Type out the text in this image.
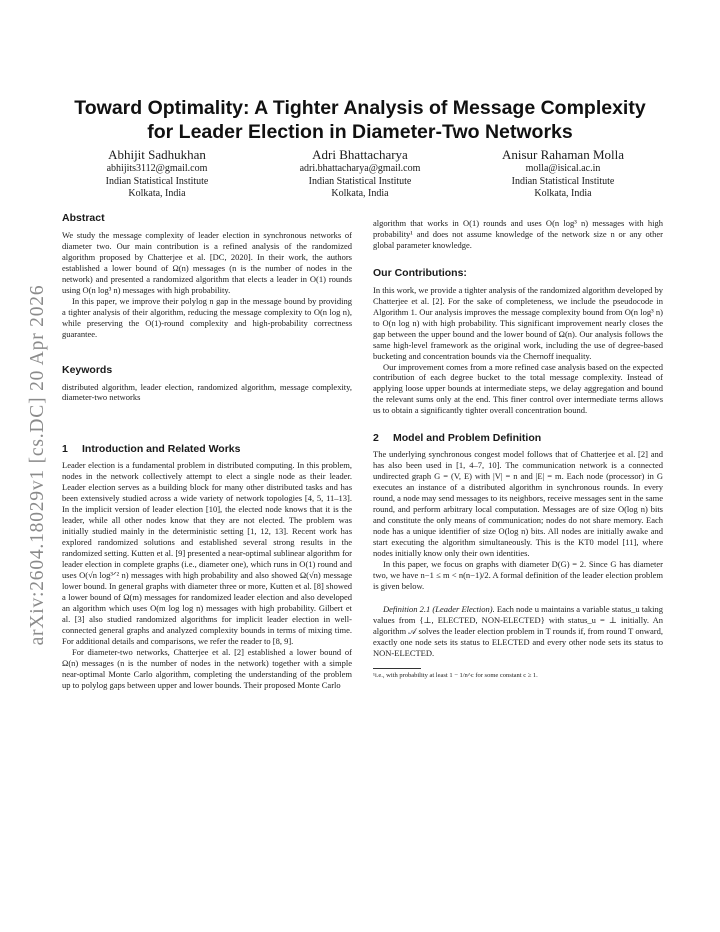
arXiv:2604.18029v1 [cs.DC] 20 Apr 2026
Toward Optimality: A Tighter Analysis of Message Complexity for Leader Election in Diameter-Two Networks
Abhijit Sadhukhan
abhijits3112@gmail.com
Indian Statistical Institute
Kolkata, India
Adri Bhattacharya
adri.bhattacharya@gmail.com
Indian Statistical Institute
Kolkata, India
Anisur Rahaman Molla
molla@isical.ac.in
Indian Statistical Institute
Kolkata, India
Abstract

We study the message complexity of leader election in synchronous networks of diameter two. Our main contribution is a refined analysis of the randomized algorithm proposed by Chatterjee et al. [DC, 2020]. In their work, the authors established a lower bound of Ω(n) messages (n is the number of nodes in the network) and presented a randomized algorithm that elects a leader in O(1) rounds using O(n log³ n) messages with high probability.

In this paper, we improve their polylog n gap in the message bound by providing a tighter analysis of their algorithm, reducing the message complexity to O(n log n), while preserving the O(1)-round complexity and high-probability correctness guarantee.

Keywords

distributed algorithm, leader election, randomized algorithm, message complexity, diameter-two networks

1	Introduction and Related Works

Leader election is a fundamental problem in distributed computing. In this problem, nodes in the network collectively attempt to elect a single node as their leader. Leader election serves as a building block for many other distributed tasks and has been extensively studied across a wide variety of network topologies [4, 5, 11–13]. In the implicit version of leader election [10], the elected node knows that it is the leader, while all other nodes know that they are not elected. The problem was initially studied mainly in the deterministic setting [1, 12, 13]. Recent work has explored randomized solutions and established several strong results in the randomized setting. Kutten et al. [9] presented a near-optimal sublinear algorithm for leader election in complete graphs (i.e., diameter one), which runs in O(1) round and uses O(√n log³ᐟ² n) messages with high probability and also showed Ω(√n) message lower bound. In general graphs with diameter three or more, Kutten et al. [8] showed a lower bound of Ω(m) messages for randomized leader election and also developed an algorithm which uses O(m log log n) messages with high probability. Gilbert et al. [3] also studied randomized algorithms for implicit leader election in well-connected general graphs and analyzed complexity bounds in terms of mixing time. For additional details and comparisons, we refer the reader to [8, 9].

For diameter-two networks, Chatterjee et al. [2] established a lower bound of Ω(n) messages (n is the number of nodes in the network) together with a simple near-optimal Monte Carlo algorithm, completing the understanding of the problem up to polylog gaps between upper and lower bounds. Their proposed Monte Carlo

algorithm that works in O(1) rounds and uses O(n log³ n) messages with high probability¹ and does not assume knowledge of the network size n or any other global parameter knowledge.

Our Contributions:

In this work, we provide a tighter analysis of the randomized algorithm developed by Chatterjee et al. [2]. For the sake of completeness, we include the pseudocode in Algorithm 1. Our analysis improves the message complexity bound from O(n log³ n) to O(n log n) with high probability. This significant improvement nearly closes the gap between the upper bound and the lower bound of Ω(n). Our analysis follows the same high-level framework as the original work, including the use of degree-based bucketing and concentration bounds via the Chernoff inequality.

Our improvement comes from a more refined case analysis based on the expected contribution of each degree bucket to the total message complexity. Instead of applying loose upper bounds at intermediate steps, we delay aggregation and bound the relevant sums only at the end. This finer control over intermediate terms allows us to obtain a significantly tighter overall concentration bound.

2	Model and Problem Definition

The underlying synchronous congest model follows that of Chatterjee et al. [2] and has also been used in [1, 4–7, 10]. The communication network is a connected undirected graph G = (V, E) with |V| = n and |E| = m. Each node (processor) in G executes an instance of a distributed algorithm in synchronous rounds. In every round, a node may send messages to its neighbors, receive messages sent in the same round, and perform arbitrary local computation. Messages are of size O(log n) bits and constitute the only means of communication; nodes do not share memory. Each node has a unique identifier of size O(log n) bits. All nodes are initially awake and start executing the algorithm simultaneously. This is the KT0 model [11], where nodes initially know only their own identities.

In this paper, we focus on graphs with diameter D(G) = 2. Since G has diameter two, we have n−1 ≤ m < n(n−1)/2. A formal definition of the leader election problem is given below.

Definition 2.1 (Leader Election). Each node u maintains a variable status_u taking values from {⊥, ELECTED, NON-ELECTED} with status_u = ⊥ initially. An algorithm 𝒜 solves the leader election problem in T rounds if, from round T onward, exactly one node sets its status to ELECTED and every other node sets its status to NON-ELECTED.

¹i.e., with probability at least 1 − 1/n^c for some constant c ≥ 1.
